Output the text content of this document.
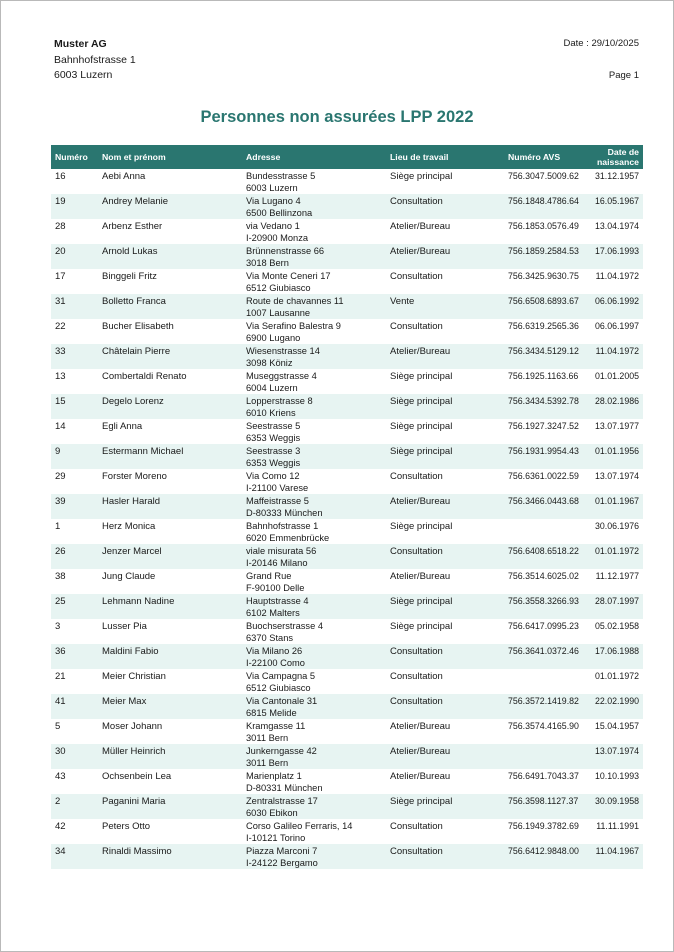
Muster AG
Bahnhofstrasse 1
6003 Luzern
Date : 29/10/2025
Page 1
Personnes non assurées LPP 2022
Numéro	Nom et prénom	Adresse	Lieu de travail	Numéro AVS	Date de naissance
16	Aebi Anna	Bundesstrasse 5
6003 Luzern	Siège principal	756.3047.5009.62	31.12.1957
19	Andrey Melanie	Via Lugano 4
6500 Bellinzona	Consultation	756.1848.4786.64	16.05.1967
28	Arbenz Esther	via Vedano 1
I-20900 Monza	Atelier/Bureau	756.1853.0576.49	13.04.1974
20	Arnold Lukas	Brünnenstrasse 66
3018 Bern	Atelier/Bureau	756.1859.2584.53	17.06.1993
17	Binggeli Fritz	Via Monte Ceneri 17
6512 Giubiasco	Consultation	756.3425.9630.75	11.04.1972
31	Bolletto Franca	Route de chavannes 11
1007 Lausanne	Vente	756.6508.6893.67	06.06.1992
22	Bucher Elisabeth	Via Serafino Balestra 9
6900 Lugano	Consultation	756.6319.2565.36	06.06.1997
33	Châtelain Pierre	Wiesenstrasse 14
3098 Köniz	Atelier/Bureau	756.3434.5129.12	11.04.1972
13	Combertaldi Renato	Museggstrasse 4
6004 Luzern	Siège principal	756.1925.1163.66	01.01.2005
15	Degelo Lorenz	Lopperstrasse 8
6010 Kriens	Siège principal	756.3434.5392.78	28.02.1986
14	Egli Anna	Seestrasse 5
6353 Weggis	Siège principal	756.1927.3247.52	13.07.1977
9	Estermann Michael	Seestrasse 3
6353 Weggis	Siège principal	756.1931.9954.43	01.01.1956
29	Forster Moreno	Via Como 12
I-21100 Varese	Consultation	756.6361.0022.59	13.07.1974
39	Hasler Harald	Maffeistrasse 5
D-80333 München	Atelier/Bureau	756.3466.0443.68	01.01.1967
1	Herz Monica	Bahnhofstrasse 1
6020 Emmenbrücke	Siège principal		30.06.1976
26	Jenzer Marcel	viale misurata 56
I-20146 Milano	Consultation	756.6408.6518.22	01.01.1972
38	Jung Claude	Grand Rue
F-90100 Delle	Atelier/Bureau	756.3514.6025.02	11.12.1977
25	Lehmann Nadine	Hauptstrasse 4
6102 Malters	Siège principal	756.3558.3266.93	28.07.1997
3	Lusser Pia	Buochserstrasse 4
6370 Stans	Siège principal	756.6417.0995.23	05.02.1958
36	Maldini Fabio	Via Milano 26
I-22100 Como	Consultation	756.3641.0372.46	17.06.1988
21	Meier Christian	Via Campagna 5
6512 Giubiasco	Consultation		01.01.1972
41	Meier Max	Via Cantonale 31
6815 Melide	Consultation	756.3572.1419.82	22.02.1990
5	Moser Johann	Kramgasse 11
3011 Bern	Atelier/Bureau	756.3574.4165.90	15.04.1957
30	Müller Heinrich	Junkerngasse 42
3011 Bern	Atelier/Bureau		13.07.1974
43	Ochsenbein Lea	Marienplatz 1
D-80331 München	Atelier/Bureau	756.6491.7043.37	10.10.1993
2	Paganini Maria	Zentralstrasse 17
6030 Ebikon	Siège principal	756.3598.1127.37	30.09.1958
42	Peters Otto	Corso Galileo Ferraris, 14
I-10121 Torino	Consultation	756.1949.3782.69	11.11.1991
34	Rinaldi Massimo	Piazza Marconi 7
I-24122 Bergamo	Consultation	756.6412.9848.00	11.04.1967
